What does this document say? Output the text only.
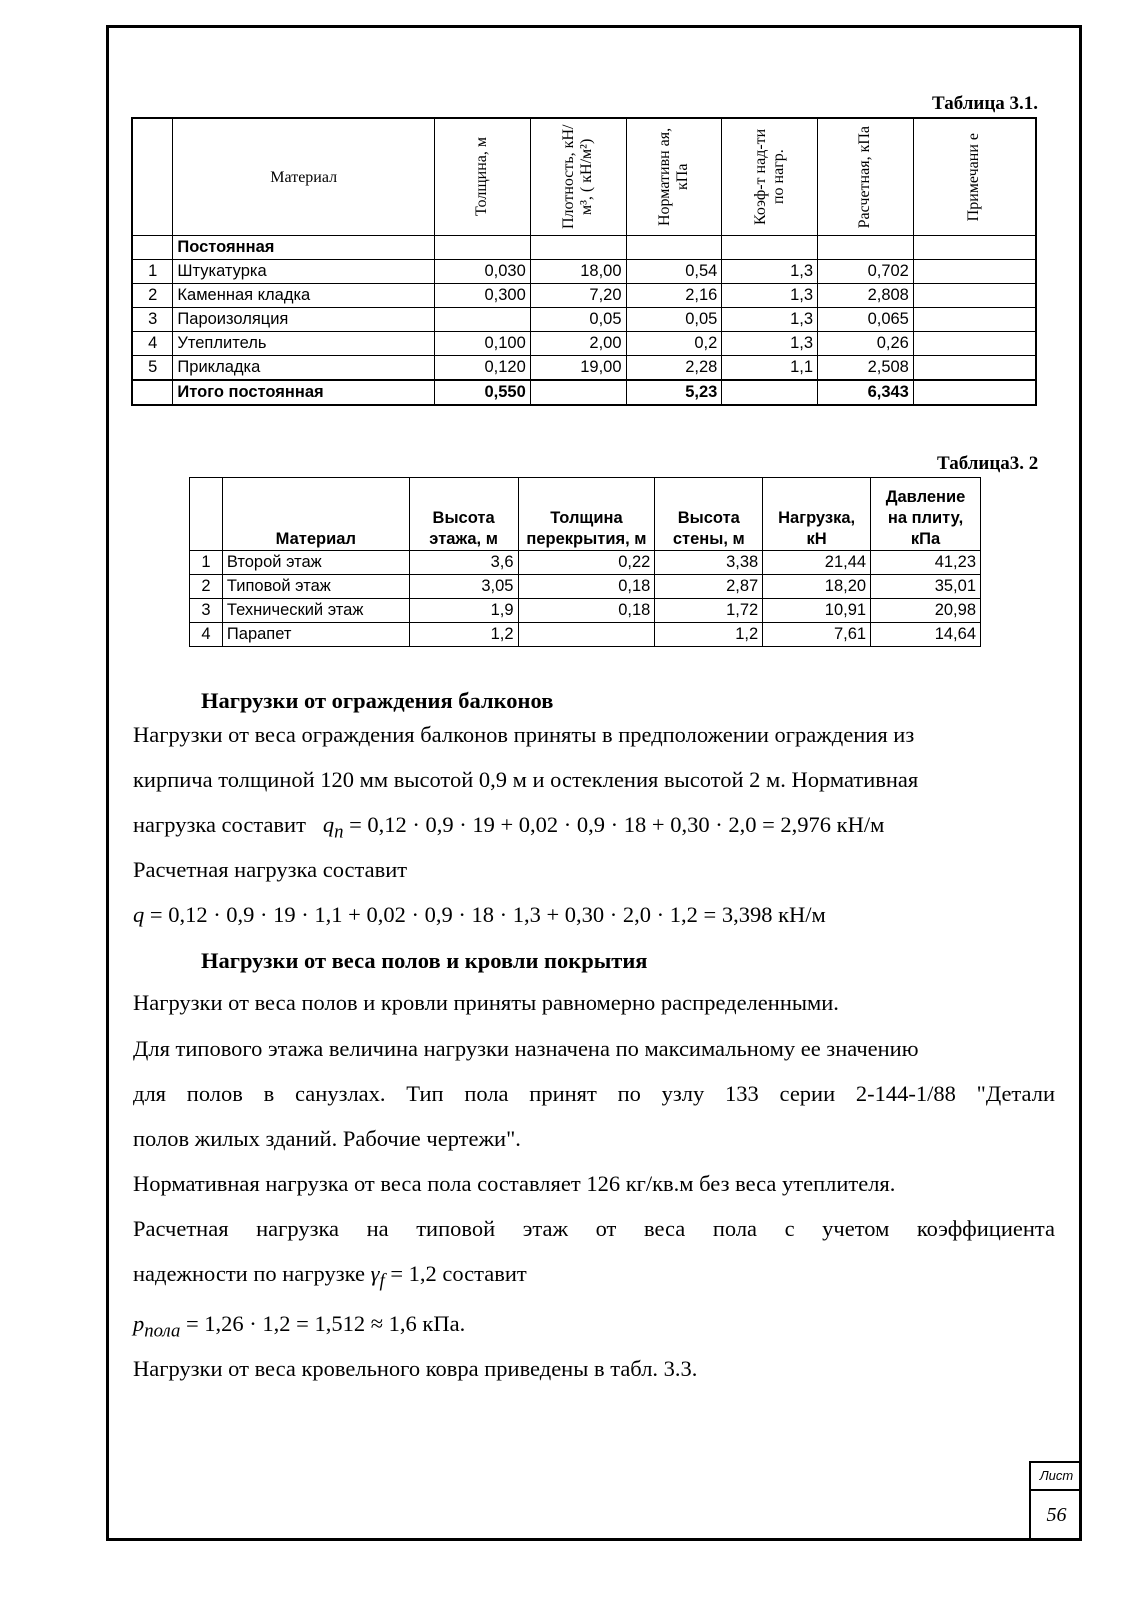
Таблица 3.1.
	Материал	Толщина, м	Плотность, кН/м³, ( кН/м²)	Нормативн ая, кПа	Коэф-т над-ти по нагр.	Расчетная, кПа	Примечани е

	Постоянная						
1	Штукатурка	0,030	18,00	0,54	1,3	0,702	
2	Каменная кладка	0,300	7,20	2,16	1,3	2,808	
3	Пароизоляция		0,05	0,05	1,3	0,065	
4	Утеплитель	0,100	2,00	0,2	1,3	0,26	
5	Прикладка	0,120	19,00	2,28	1,1	2,508	
	Итого постоянная	0,550		5,23		6,343	
Таблица3. 2
	Материал	Высота этажа, м	Толщина перекрытия, м	Высота стены, м	Нагрузка, кН	Давление на плиту, кПа
1	Второй этаж	3,6	0,22	3,38	21,44	41,23
2	Типовой этаж	3,05	0,18	2,87	18,20	35,01
3	Технический этаж	1,9	0,18	1,72	10,91	20,98
4	Парапет	1,2		1,2	7,61	14,64
Нагрузки от ограждения балконов
Нагрузки от веса ограждения балконов приняты в предположении ограждения из
кирпича толщиной 120 мм высотой 0,9 м и остекления высотой 2 м. Нормативная
нагрузка составит $q_n = 0,12 \cdot 0,9 \cdot 19 + 0,02 \cdot 0,9 \cdot 18 + 0,30 \cdot 2,0 = 2,976$ кН/м
Расчетная нагрузка составит
q = 0,12 · 0,9 · 19 · 1,1 + 0,02 · 0,9 · 18 · 1,3 + 0,30 · 2,0 · 1,2 = 3,398 кН/м
Нагрузки от веса полов и кровли покрытия
Нагрузки от веса полов и кровли приняты равномерно распределенными.
Для типового этажа величина нагрузки назначена по максимальному ее значению
для полов в санузлах. Тип пола принят по узлу 133 серии 2-144-1/88 "Детали
полов жилых зданий. Рабочие чертежи".
Нормативная нагрузка от веса пола составляет 126 кг/кв.м без веса утеплителя.
Расчетная нагрузка на типовой этаж от веса пола с учетом коэффициента
надежности по нагрузке $\gamma_f = 1,2$ составит
$p_{пола} = 1,26 \cdot 1,2 = 1,512 \approx 1,6$ кПа.
Нагрузки от веса кровельного ковра приведены в табл. 3.3.
Лист
56
